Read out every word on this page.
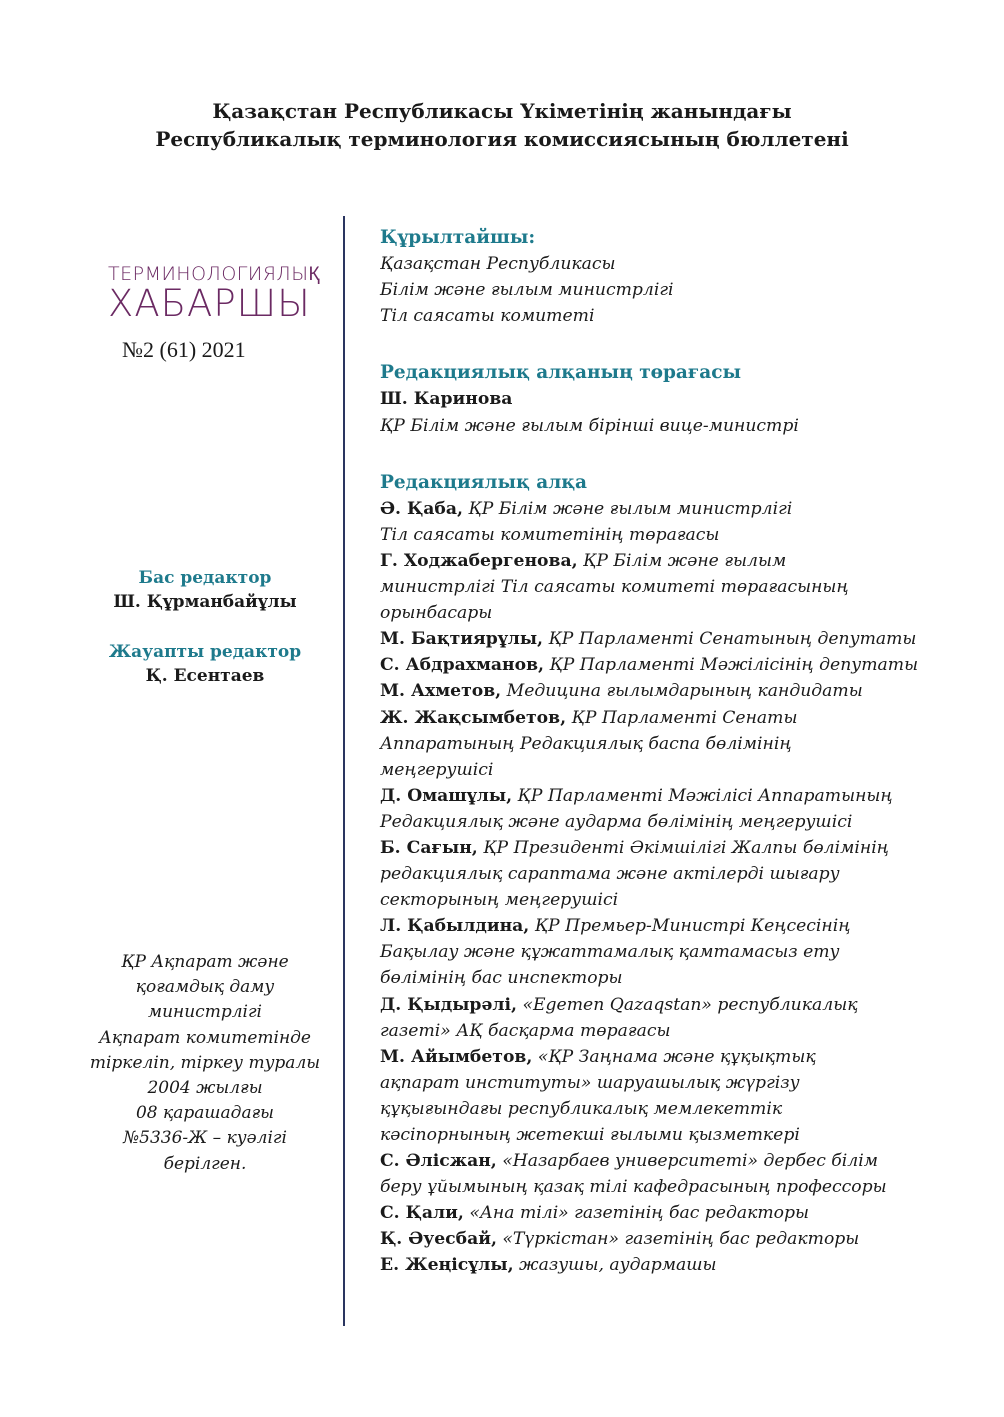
Қазақстан Республикасы Үкіметінің жанындағы
Республикалық терминология комиссиясының бюллетені
ТЕРМИНОЛОГИЯЛЫҚ
ХАБАРШЫ
№2 (61) 2021
Бас редактор
Ш. Құрманбайұлы
Жауапты редактор
Қ. Есентаев
ҚР Ақпарат және
қоғамдық даму
министрлігі
Ақпарат комитетінде
тіркеліп, тіркеу туралы
2004 жылғы
08 қарашадағы
№5336-Ж – куәлігі
берілген.
Құрылтайшы:
Қазақстан Республикасы
Білім және ғылым министрлігі
Тіл саясаты комитеті
Редакциялық алқаның төрағасы
Ш. Каринова
ҚР Білім және ғылым бірінші вице-министрі
Редакциялық алқа
Ә. Қаба, ҚР Білім және ғылым министрлігі
Тіл саясаты комитетінің төрағасы
Г. Ходжабергенова, ҚР Білім және ғылым
министрлігі Тіл саясаты комитеті төрағасының
орынбасары
М. Бақтиярұлы, ҚР Парламенті Сенатының депутаты
С. Абдрахманов, ҚР Парламенті Мәжілісінің депутаты
М. Ахметов, Медицина ғылымдарының кандидаты
Ж. Жақсымбетов, ҚР Парламенті Сенаты
Аппаратының Редакциялық баспа бөлімінің
меңгерушісі
Д. Омашұлы, ҚР Парламенті Мәжілісі Аппаратының
Редакциялық және аударма бөлімінің меңгерушісі
Б. Сағын, ҚР Президенті Әкімшілігі Жалпы бөлімінің
редакциялық сараптама және актілерді шығару
секторының меңгерушісі
Л. Қабылдина, ҚР Премьер-Министрі Кеңсесінің
Бақылау және құжаттамалық қамтамасыз ету
бөлімінің бас инспекторы
Д. Қыдырәлі, «Egemen Qazaqstan» республикалық
газеті» АҚ басқарма төрағасы
М. Айымбетов, «ҚР Заңнама және құқықтық
ақпарат институты» шаруашылық жүргізу
құқығындағы республикалық мемлекеттік
кәсіпорнының жетекші ғылыми қызметкері
С. Әлісжан, «Назарбаев университеті» дербес білім
беру ұйымының қазақ тілі кафедрасының профессоры
С. Қали, «Ана тілі» газетінің бас редакторы
Қ. Әуесбай, «Түркістан» газетінің бас редакторы
Е. Жеңісұлы, жазушы, аудармашы
